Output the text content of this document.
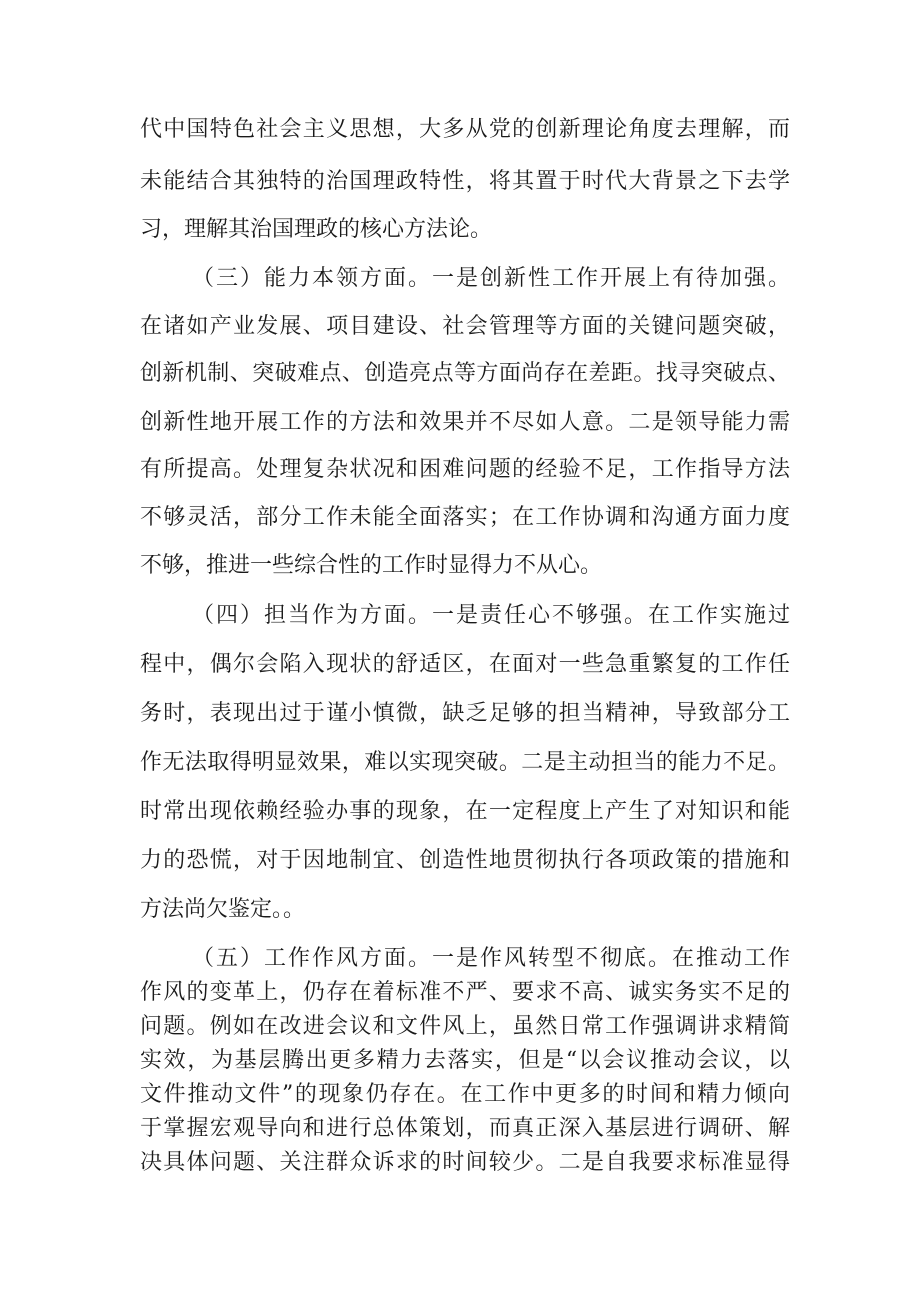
代中国特色社会主义思想，大多从党的创新理论角度去理解，而
未能结合其独特的治国理政特性，将其置于时代大背景之下去学
习，理解其治国理政的核心方法论。
（三）能力本领方面。一是创新性工作开展上有待加强。
在诸如产业发展、项目建设、社会管理等方面的关键问题突破，
创新机制、突破难点、创造亮点等方面尚存在差距。找寻突破点、
创新性地开展工作的方法和效果并不尽如人意。二是领导能力需
有所提高。处理复杂状况和困难问题的经验不足，工作指导方法
不够灵活，部分工作未能全面落实；在工作协调和沟通方面力度
不够，推进一些综合性的工作时显得力不从心。
（四）担当作为方面。一是责任心不够强。在工作实施过
程中，偶尔会陷入现状的舒适区，在面对一些急重繁复的工作任
务时，表现出过于谨小慎微，缺乏足够的担当精神，导致部分工
作无法取得明显效果，难以实现突破。二是主动担当的能力不足。
时常出现依赖经验办事的现象，在一定程度上产生了对知识和能
力的恐慌，对于因地制宜、创造性地贯彻执行各项政策的措施和
方法尚欠鉴定。。
（五）工作作风方面。一是作风转型不彻底。在推动工作
作风的变革上，仍存在着标准不严、要求不高、诚实务实不足的
问题。例如在改进会议和文件风上，虽然日常工作强调讲求精简
实效，为基层腾出更多精力去落实，但是“以会议推动会议，以
文件推动文件”的现象仍存在。在工作中更多的时间和精力倾向
于掌握宏观导向和进行总体策划，而真正深入基层进行调研、解
决具体问题、关注群众诉求的时间较少。二是自我要求标准显得
